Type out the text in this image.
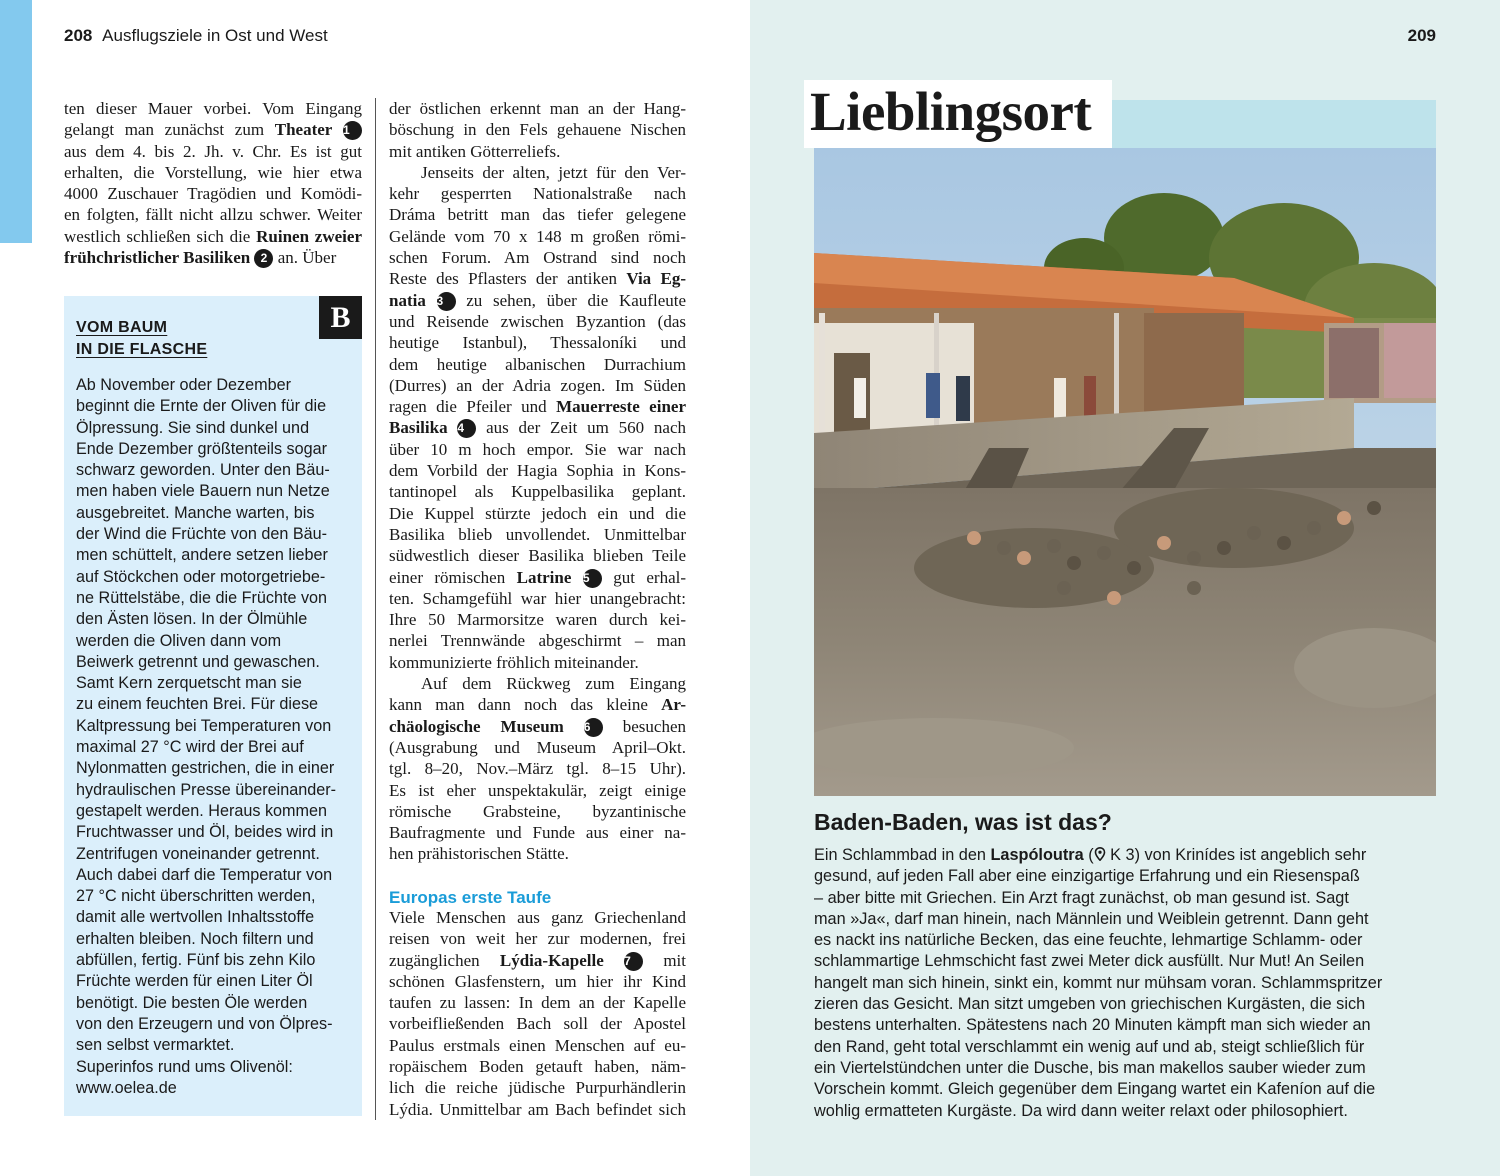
208 Ausflugsziele in Ost und West
ten dieser Mauer vorbei. Vom Eingang
gelangt man zunächst zum Theater 1
aus dem 4. bis 2. Jh. v. Chr. Es ist gut
erhalten, die Vorstellung, wie hier etwa
4000 Zuschauer Tragödien und Komödi-
en folgten, fällt nicht allzu schwer. Weiter
westlich schließen sich die Ruinen zweier
frühchristlicher Basiliken 2 an. Über
B
VOM BAUM
IN DIE FLASCHE
Ab November oder Dezember
beginnt die Ernte der Oliven für die
Ölpressung. Sie sind dunkel und
Ende Dezember größtenteils sogar
schwarz geworden. Unter den Bäu-
men haben viele Bauern nun Netze
ausgebreitet. Manche warten, bis
der Wind die Früchte von den Bäu-
men schüttelt, andere setzen lieber
auf Stöckchen oder motorgetriebe-
ne Rüttelstäbe, die die Früchte von
den Ästen lösen. In der Ölmühle
werden die Oliven dann vom
Beiwerk getrennt und gewaschen.
Samt Kern zerquetscht man sie
zu einem feuchten Brei. Für diese
Kaltpressung bei Temperaturen von
maximal 27 °C wird der Brei auf
Nylonmatten gestrichen, die in einer
hydraulischen Presse übereinander-
gestapelt werden. Heraus kommen
Fruchtwasser und Öl, beides wird in
Zentrifugen voneinander getrennt.
Auch dabei darf die Temperatur von
27 °C nicht überschritten werden,
damit alle wertvollen Inhaltsstoffe
erhalten bleiben. Noch filtern und
abfüllen, fertig. Fünf bis zehn Kilo
Früchte werden für einen Liter Öl
benötigt. Die besten Öle werden
von den Erzeugern und von Ölpres-
sen selbst vermarktet.
Superinfos rund ums Olivenöl:
www.oelea.de
der östlichen erkennt man an der Hang-
böschung in den Fels gehauene Nischen
mit antiken Götterreliefs.
Jenseits der alten, jetzt für den Ver-
kehr gesperrten Nationalstraße nach
Dráma betritt man das tiefer gelegene
Gelände vom 70 x 148 m großen römi-
schen Forum. Am Ostrand sind noch
Reste des Pflasters der antiken Via Eg-
natia 3 zu sehen, über die Kaufleute
und Reisende zwischen Byzantion (das
heutige Istanbul), Thessaloníki und
dem heutige albanischen Durrachium
(Durres) an der Adria zogen. Im Süden
ragen die Pfeiler und Mauerreste einer
Basilika 4 aus der Zeit um 560 nach
über 10 m hoch empor. Sie war nach
dem Vorbild der Hagia Sophia in Kons-
tantinopel als Kuppelbasilika geplant.
Die Kuppel stürzte jedoch ein und die
Basilika blieb unvollendet. Unmittelbar
südwestlich dieser Basilika blieben Teile
einer römischen Latrine 5 gut erhal-
ten. Schamgefühl war hier unangebracht:
Ihre 50 Marmorsitze waren durch kei-
nerlei Trennwände abgeschirmt – man
kommunizierte fröhlich miteinander.
Auf dem Rückweg zum Eingang
kann man dann noch das kleine Ar-
chäologische Museum 6 besuchen
(Ausgrabung und Museum April–Okt.
tgl. 8–20, Nov.–März tgl. 8–15 Uhr).
Es ist eher unspektakulär, zeigt einige
römische Grabsteine, byzantinische
Baufragmente und Funde aus einer na-
hen prähistorischen Stätte.
Europas erste Taufe
Viele Menschen aus ganz Griechenland
reisen von weit her zur modernen, frei
zugänglichen Lýdia-Kapelle 7 mit
schönen Glasfenstern, um hier ihr Kind
taufen zu lassen: In dem an der Kapelle
vorbeifließenden Bach soll der Apostel
Paulus erstmals einen Menschen auf eu-
ropäischem Boden getauft haben, näm-
lich die reiche jüdische Purpurhändlerin
Lýdia. Unmittelbar am Bach befindet sich
209
Lieblingsort
Baden-Baden, was ist das?
Ein Schlammbad in den Laspóloutra ( K 3) von Krinídes ist angeblich sehr
gesund, auf jeden Fall aber eine einzigartige Erfahrung und ein Riesenspaß
– aber bitte mit Griechen. Ein Arzt fragt zunächst, ob man gesund ist. Sagt
man »Ja«, darf man hinein, nach Männlein und Weiblein getrennt. Dann geht
es nackt ins natürliche Becken, das eine feuchte, lehmartige Schlamm- oder
schlammartige Lehmschicht fast zwei Meter dick ausfüllt. Nur Mut! An Seilen
hangelt man sich hinein, sinkt ein, kommt nur mühsam voran. Schlammspritzer
zieren das Gesicht. Man sitzt umgeben von griechischen Kurgästen, die sich
bestens unterhalten. Spätestens nach 20 Minuten kämpft man sich wieder an
den Rand, geht total verschlammt ein wenig auf und ab, steigt schließlich für
ein Viertelstündchen unter die Dusche, bis man makellos sauber wieder zum
Vorschein kommt. Gleich gegenüber dem Eingang wartet ein Kafeníon auf die
wohlig ermatteten Kurgäste. Da wird dann weiter relaxt oder philosophiert.
